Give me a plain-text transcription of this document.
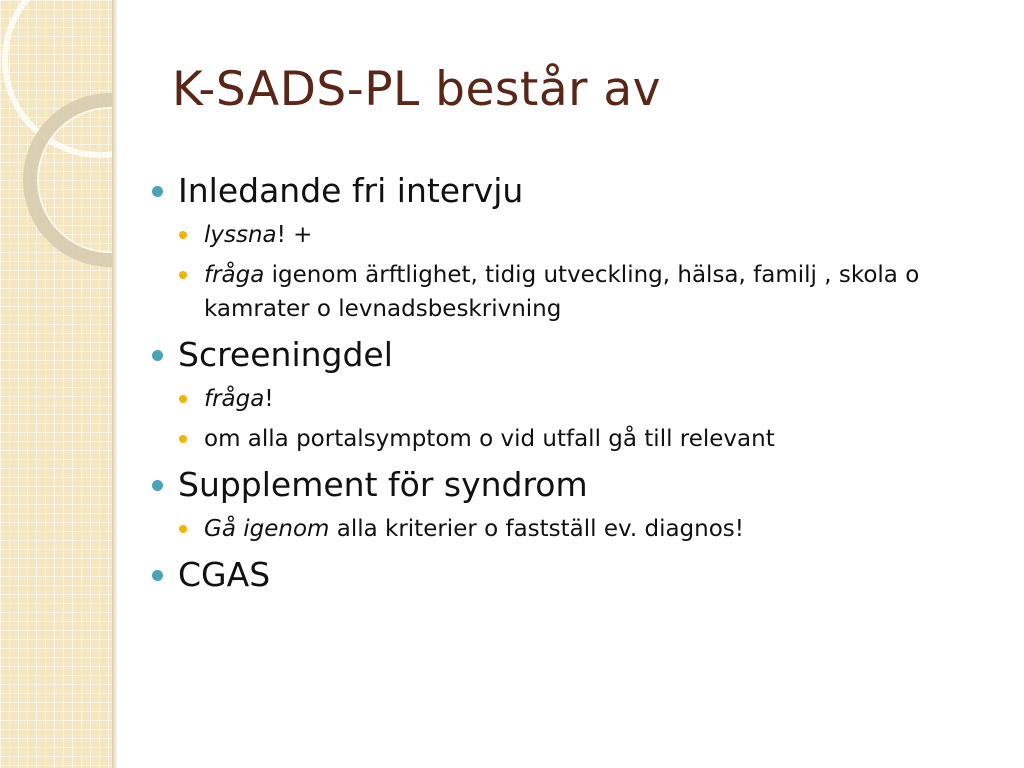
K-SADS-PL består av
Inledande fri intervju
lyssna! +
fråga igenom ärftlighet, tidig utveckling, hälsa, familj , skola o kamrater o levnadsbeskrivning
Screeningdel
fråga!
om alla portalsymptom o vid utfall gå till relevant
Supplement för syndrom
Gå igenom alla kriterier o fastställ ev. diagnos!
CGAS
